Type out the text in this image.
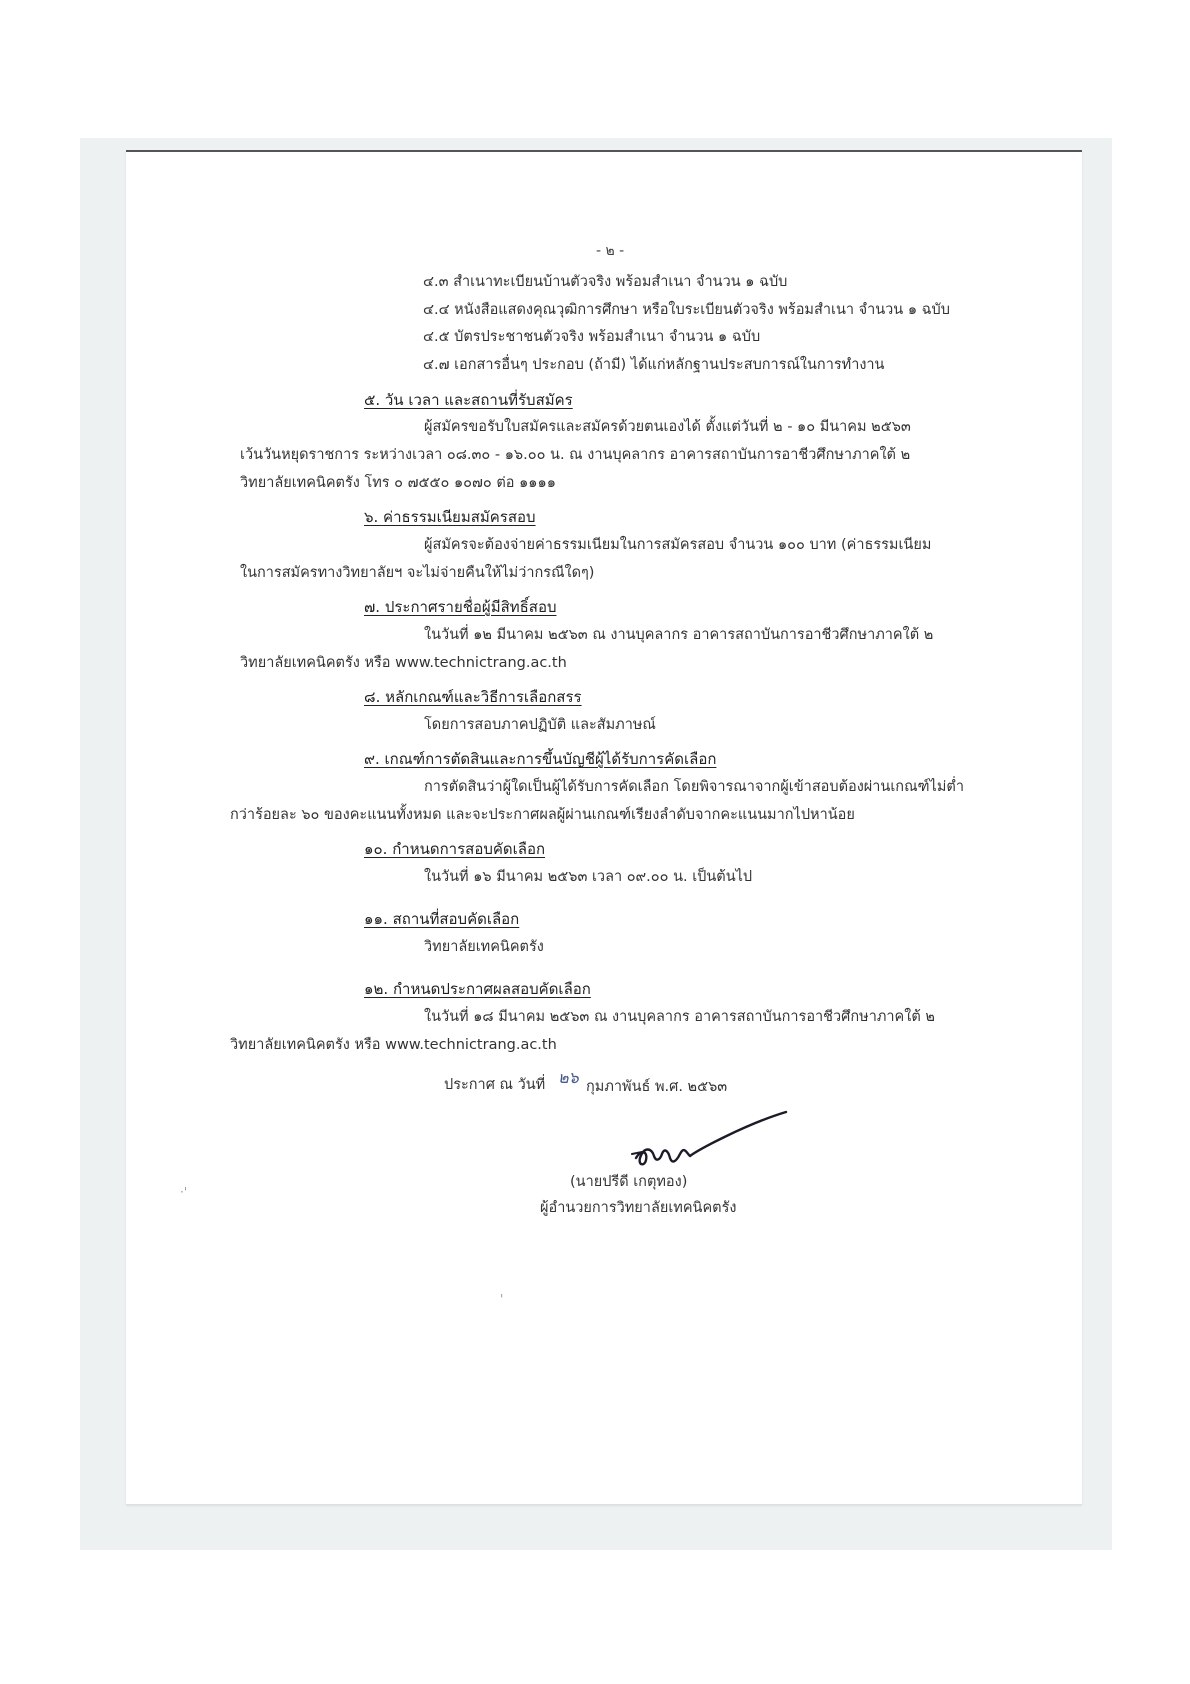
- ๒ -
๔.๓ สำเนาทะเบียนบ้านตัวจริง พร้อมสำเนา จำนวน ๑ ฉบับ
๔.๔ หนังสือแสดงคุณวุฒิการศึกษา หรือใบระเบียนตัวจริง พร้อมสำเนา จำนวน ๑ ฉบับ
๔.๕ บัตรประชาชนตัวจริง พร้อมสำเนา จำนวน ๑ ฉบับ
๔.๗ เอกสารอื่นๆ ประกอบ (ถ้ามี) ได้แก่หลักฐานประสบการณ์ในการทำงาน
๕. วัน เวลา และสถานที่รับสมัคร
ผู้สมัครขอรับใบสมัครและสมัครด้วยตนเองได้ ตั้งแต่วันที่ ๒ - ๑๐ มีนาคม ๒๕๖๓
เว้นวันหยุดราชการ ระหว่างเวลา ๐๘.๓๐ - ๑๖.๐๐ น. ณ งานบุคลากร อาคารสถาบันการอาชีวศึกษาภาคใต้ ๒
วิทยาลัยเทคนิคตรัง โทร ๐ ๗๕๕๐ ๑๐๗๐ ต่อ ๑๑๑๑
๖. ค่าธรรมเนียมสมัครสอบ
ผู้สมัครจะต้องจ่ายค่าธรรมเนียมในการสมัครสอบ จำนวน ๑๐๐ บาท (ค่าธรรมเนียม
ในการสมัครทางวิทยาลัยฯ จะไม่จ่ายคืนให้ไม่ว่ากรณีใดๆ)
๗. ประกาศรายชื่อผู้มีสิทธิ์สอบ
ในวันที่ ๑๒ มีนาคม ๒๕๖๓ ณ งานบุคลากร อาคารสถาบันการอาชีวศึกษาภาคใต้ ๒
วิทยาลัยเทคนิคตรัง หรือ www.technictrang.ac.th
๘. หลักเกณฑ์และวิธีการเลือกสรร
โดยการสอบภาคปฏิบัติ และสัมภาษณ์
๙. เกณฑ์การตัดสินและการขึ้นบัญชีผู้ได้รับการคัดเลือก
การตัดสินว่าผู้ใดเป็นผู้ได้รับการคัดเลือก โดยพิจารณาจากผู้เข้าสอบต้องผ่านเกณฑ์ไม่ต่ำ
กว่าร้อยละ ๖๐ ของคะแนนทั้งหมด และจะประกาศผลผู้ผ่านเกณฑ์เรียงลำดับจากคะแนนมากไปหาน้อย
๑๐. กำหนดการสอบคัดเลือก
ในวันที่ ๑๖ มีนาคม ๒๕๖๓ เวลา ๐๙.๐๐ น. เป็นต้นไป
๑๑. สถานที่สอบคัดเลือก
วิทยาลัยเทคนิคตรัง
๑๒. กำหนดประกาศผลสอบคัดเลือก
ในวันที่ ๑๘ มีนาคม ๒๕๖๓ ณ งานบุคลากร อาคารสถาบันการอาชีวศึกษาภาคใต้ ๒
วิทยาลัยเทคนิคตรัง หรือ www.technictrang.ac.th
ประกาศ ณ วันที่ ๒๖ กุมภาพันธ์ พ.ศ. ๒๕๖๓
(นายปรีดี เกตุทอง)
ผู้อำนวยการวิทยาลัยเทคนิคตรัง
'
·'
